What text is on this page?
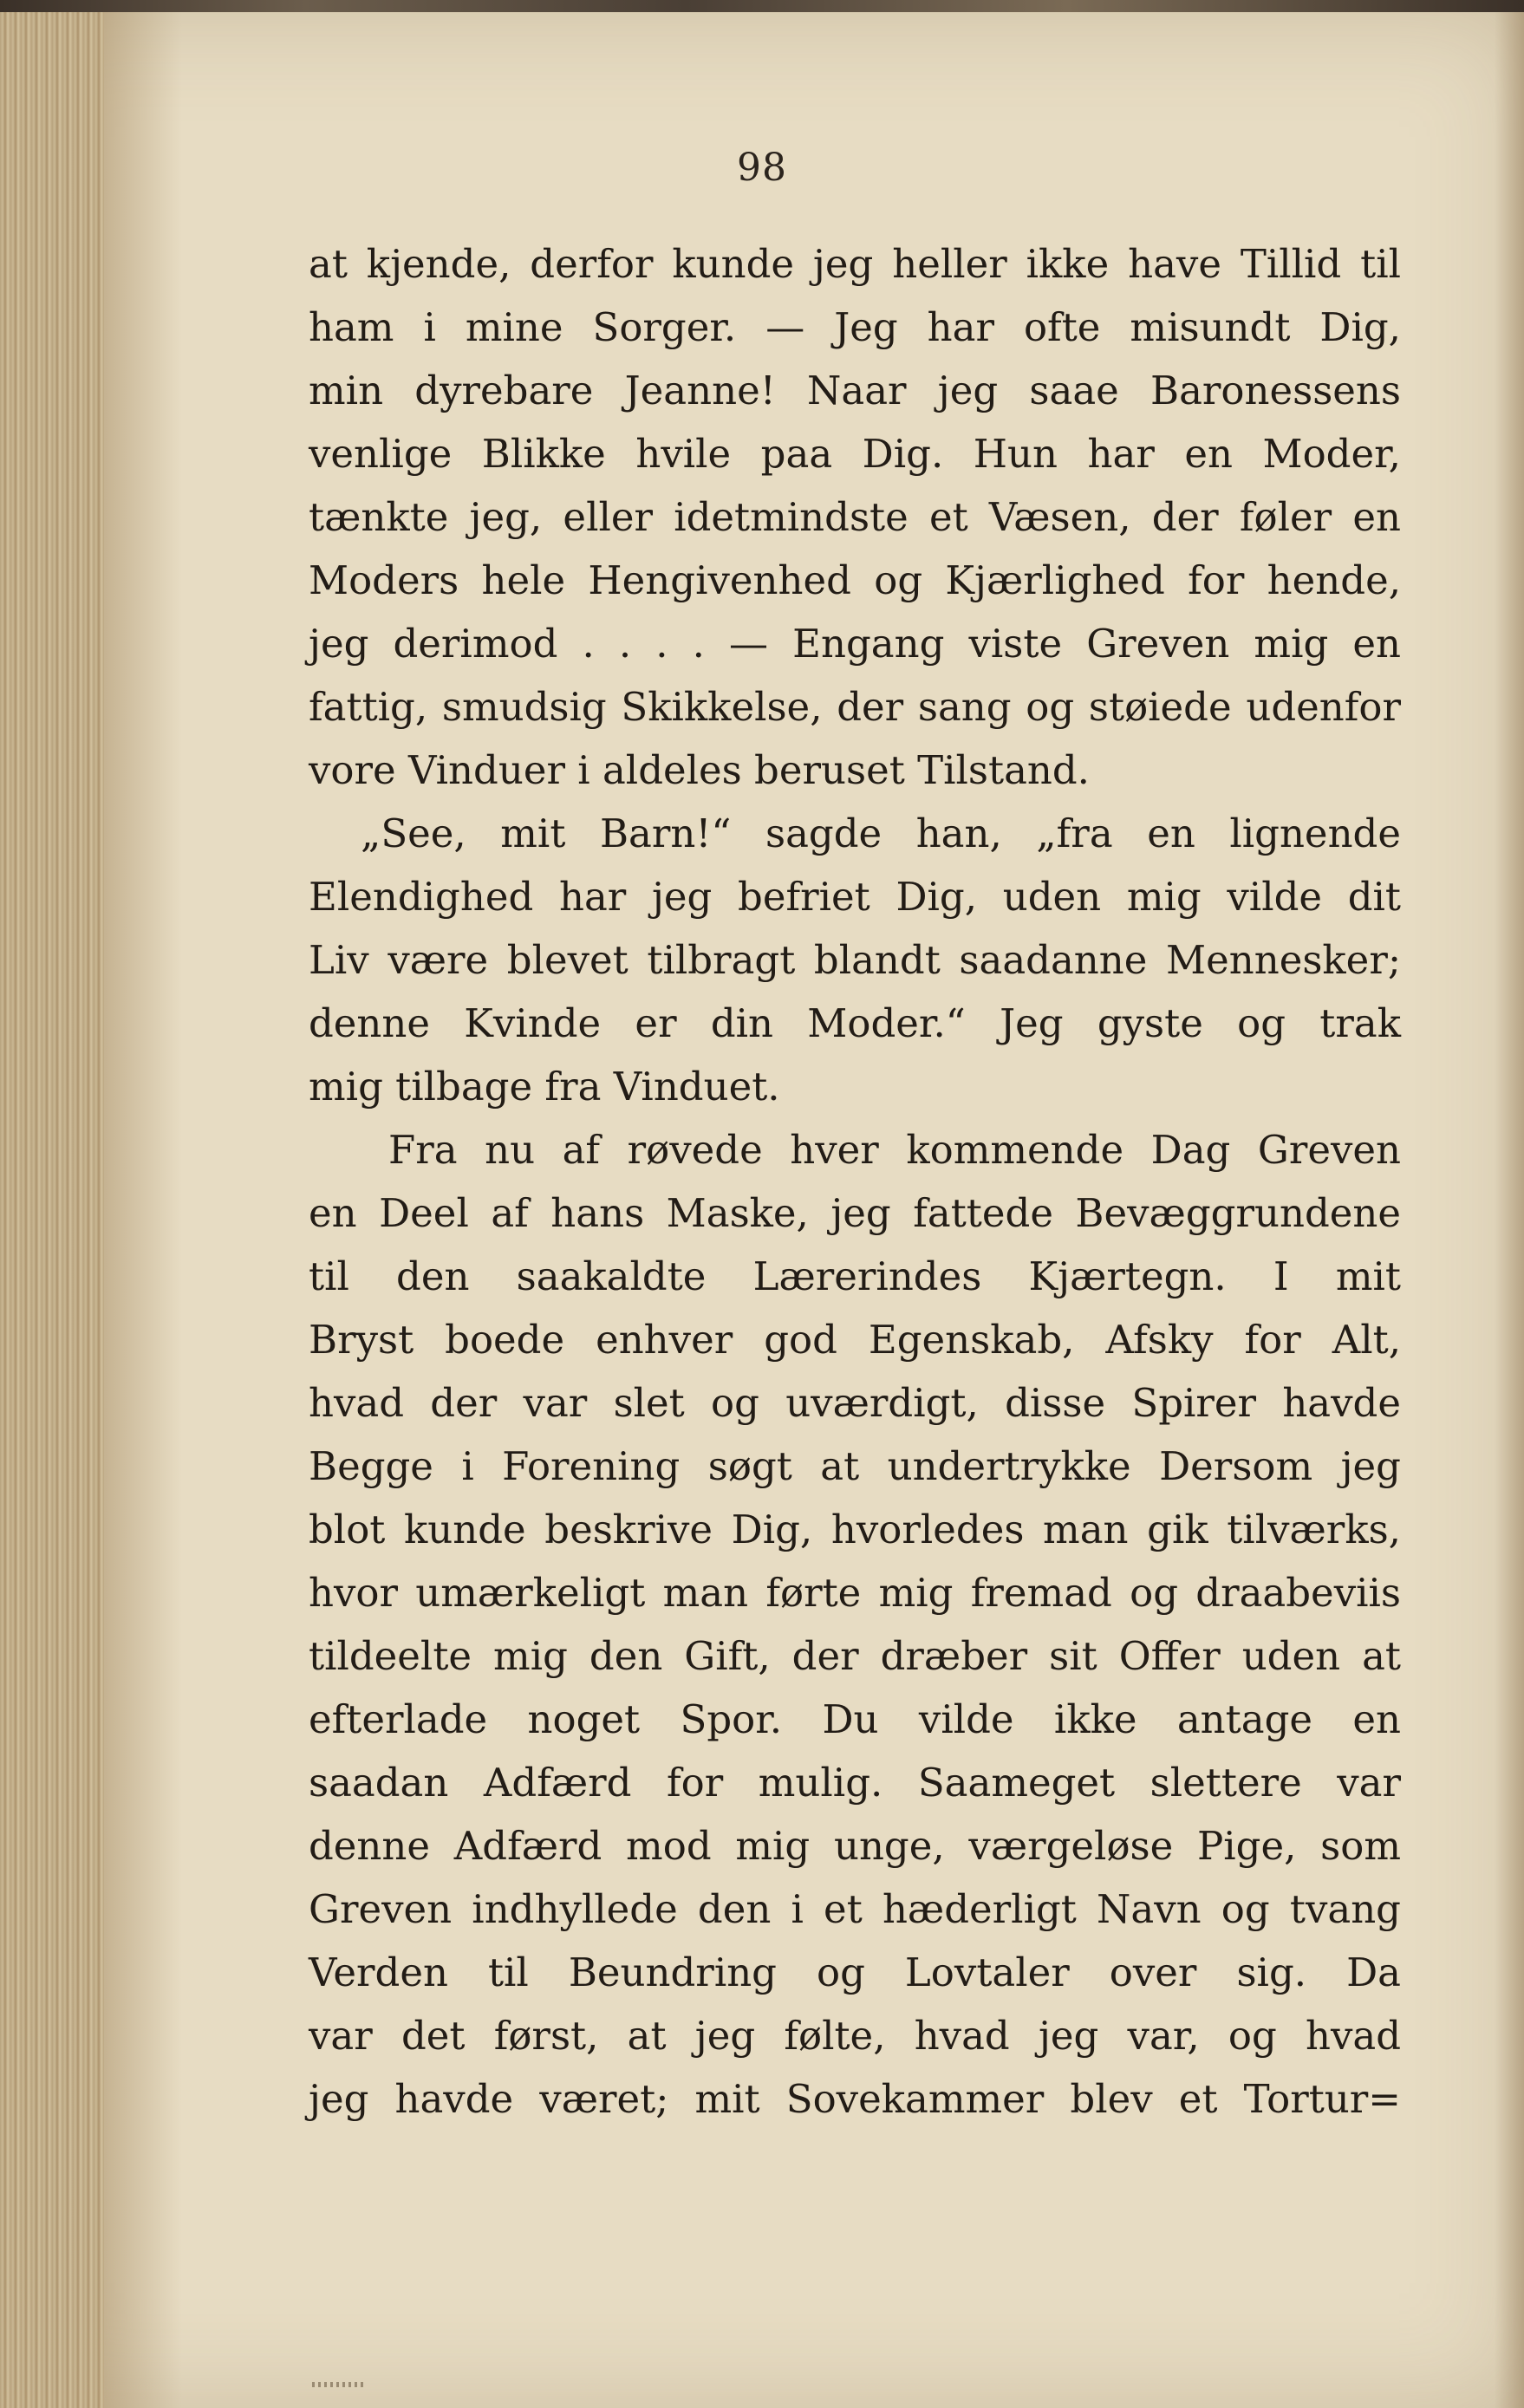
98
at kjende, derfor kunde jeg heller ikke have Tillid til
ham i mine Sorger. — Jeg har ofte misundt Dig,
min dyrebare Jeanne! Naar jeg saae Baronessens
venlige Blikke hvile paa Dig. Hun har en Moder,
tænkte jeg, eller idetmindste et Væsen, der føler en
Moders hele Hengivenhed og Kjærlighed for hende,
jeg derimod . . . . — Engang viste Greven mig en
fattig, smudsig Skikkelse, der sang og støiede udenfor
vore Vinduer i aldeles beruset Tilstand.
„See, mit Barn!“ sagde han, „fra en lignende
Elendighed har jeg befriet Dig, uden mig vilde dit
Liv være blevet tilbragt blandt saadanne Mennesker;
denne Kvinde er din Moder.“ Jeg gyste og trak
mig tilbage fra Vinduet.
Fra nu af røvede hver kommende Dag Greven
en Deel af hans Maske, jeg fattede Bevæggrundene
til den saakaldte Lærerindes Kjærtegn. I mit
Bryst boede enhver god Egenskab, Afsky for Alt,
hvad der var slet og uværdigt, disse Spirer havde
Begge i Forening søgt at undertrykke Dersom jeg
blot kunde beskrive Dig, hvorledes man gik tilværks,
hvor umærkeligt man førte mig fremad og draabeviis
tildeelte mig den Gift, der dræber sit Offer uden at
efterlade noget Spor. Du vilde ikke antage en
saadan Adfærd for mulig. Saameget slettere var
denne Adfærd mod mig unge, værgeløse Pige, som
Greven indhyllede den i et hæderligt Navn og tvang
Verden til Beundring og Lovtaler over sig. Da
var det først, at jeg følte, hvad jeg var, og hvad
jeg havde været; mit Sovekammer blev et Tortur=
